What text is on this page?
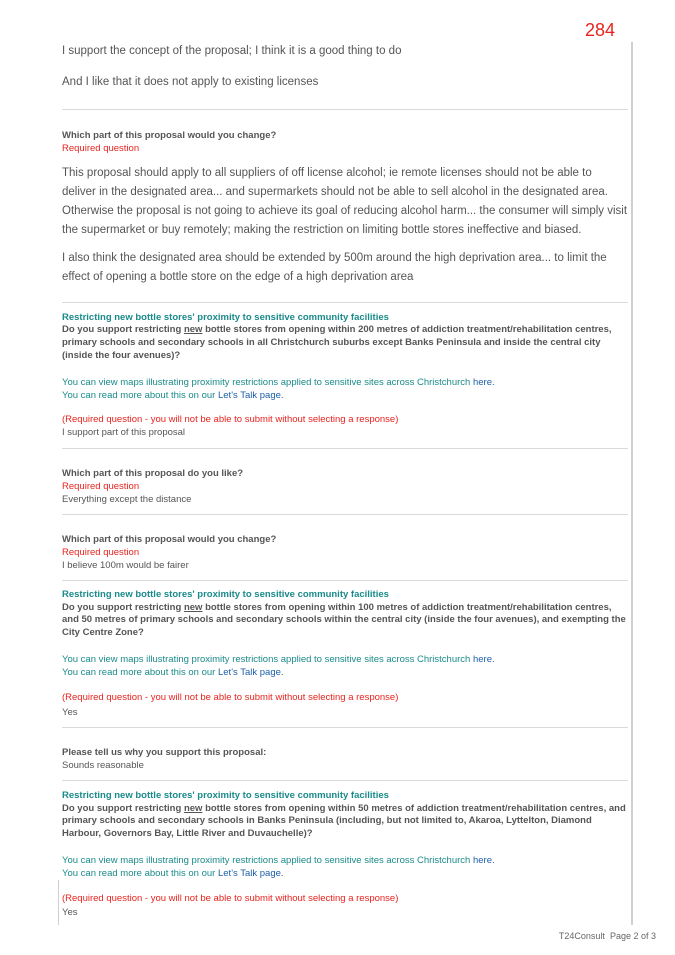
284

I support the concept of the proposal; I think it is a good thing to do

And I like that it does not apply to existing licenses

Which part of this proposal would you change?

Required question

This proposal should apply to all suppliers of off license alcohol; ie remote licenses should not be able to deliver in the designated area... and supermarkets should not be able to sell alcohol in the designated area. Otherwise the proposal is not going to achieve its goal of reducing alcohol harm... the consumer will simply visit the supermarket or buy remotely; making the restriction on limiting bottle stores ineffective and biased.

I also think the designated area should be extended by 500m around the high deprivation area... to limit the effect of opening a bottle store on the edge of a high deprivation area

Restricting new bottle stores' proximity to sensitive community facilities

Do you support restricting new bottle stores from opening within 200 metres of addiction treatment/rehabilitation centres, primary schools and secondary schools in all Christchurch suburbs except Banks Peninsula and inside the central city (inside the four avenues)?

You can view maps illustrating proximity restrictions applied to sensitive sites across Christchurch here.

You can read more about this on our Let's Talk page.

(Required question - you will not be able to submit without selecting a response)

I support part of this proposal

Which part of this proposal do you like?

Required question

Everything except the distance

Which part of this proposal would you change?

Required question

I believe 100m would be fairer

Restricting new bottle stores' proximity to sensitive community facilities

Do you support restricting new bottle stores from opening within 100 metres of addiction treatment/rehabilitation centres, and 50 metres of primary schools and secondary schools within the central city (inside the four avenues), and exempting the City Centre Zone?

You can view maps illustrating proximity restrictions applied to sensitive sites across Christchurch here.

You can read more about this on our Let's Talk page.

(Required question - you will not be able to submit without selecting a response)

Yes

Please tell us why you support this proposal:

Sounds reasonable

Restricting new bottle stores' proximity to sensitive community facilities

Do you support restricting new bottle stores from opening within 50 metres of addiction treatment/rehabilitation centres, and primary schools and secondary schools in Banks Peninsula (including, but not limited to, Akaroa, Lyttelton, Diamond Harbour, Governors Bay, Little River and Duvauchelle)?

You can view maps illustrating proximity restrictions applied to sensitive sites across Christchurch here.

You can read more about this on our Let's Talk page.

(Required question - you will not be able to submit without selecting a response)

Yes

T24Consult Page 2 of 3
